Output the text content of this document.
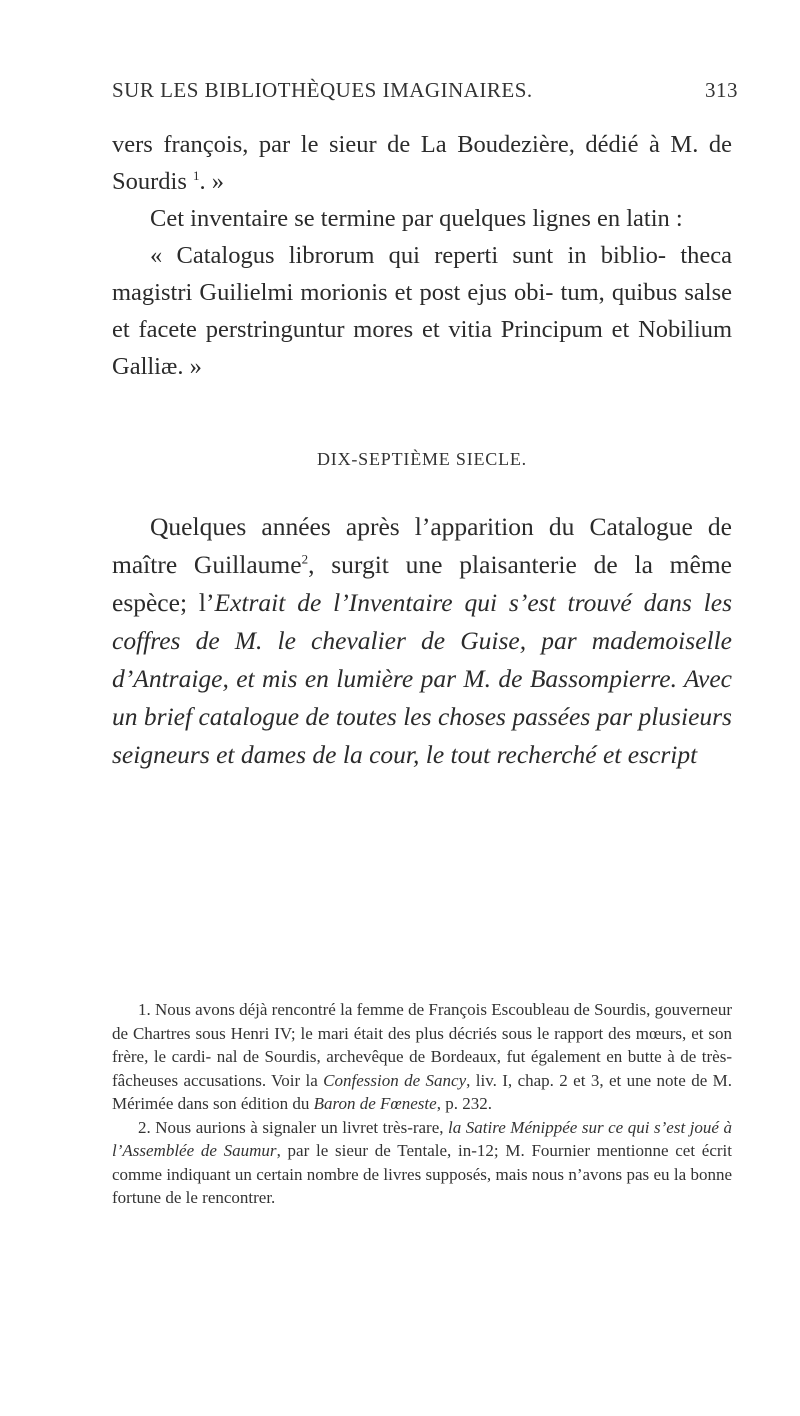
SUR LES BIBLIOTHÈQUES IMAGINAIRES.	313

vers françois, par le sieur de La Boudezière, dédié à M. de Sourdis $^1$. »

Cet inventaire se termine par quelques lignes en latin :

« Catalogus librorum qui reperti sunt in biblio- theca magistri Guilielmi morionis et post ejus obi- tum, quibus salse et facete perstringuntur mores et vitia Principum et Nobilium Galliæ. »

DIX-SEPTIÈME SIECLE.

Quelques années après l’apparition du Catalogue de maître Guillaume$^2$, surgit une plaisanterie de la même espèce; l’Extrait de l’Inventaire qui s’est trouvé dans les coffres de M. le chevalier de Guise, par mademoiselle d’Antraige, et mis en lumière par M. de Bassompierre. Avec un brief catalogue de toutes les choses passées par plusieurs seigneurs et dames de la cour, le tout recherché et escript

1. Nous avons déjà rencontré la femme de François Escoubleau de Sourdis, gouverneur de Chartres sous Henri IV; le mari était des plus décriés sous le rapport des mœurs, et son frère, le cardi- nal de Sourdis, archevêque de Bordeaux, fut également en butte à de très-fâcheuses accusations. Voir la Confession de Sancy, liv. I, chap. 2 et 3, et une note de M. Mérimée dans son édition du Baron de Fœneste, p. 232.

2. Nous aurions à signaler un livret très-rare, la Satire Ménippée sur ce qui s’est joué à l’Assemblée de Saumur, par le sieur de Tentale, in-12; M. Fournier mentionne cet écrit comme indiquant un certain nombre de livres supposés, mais nous n’avons pas eu la bonne fortune de le rencontrer.
